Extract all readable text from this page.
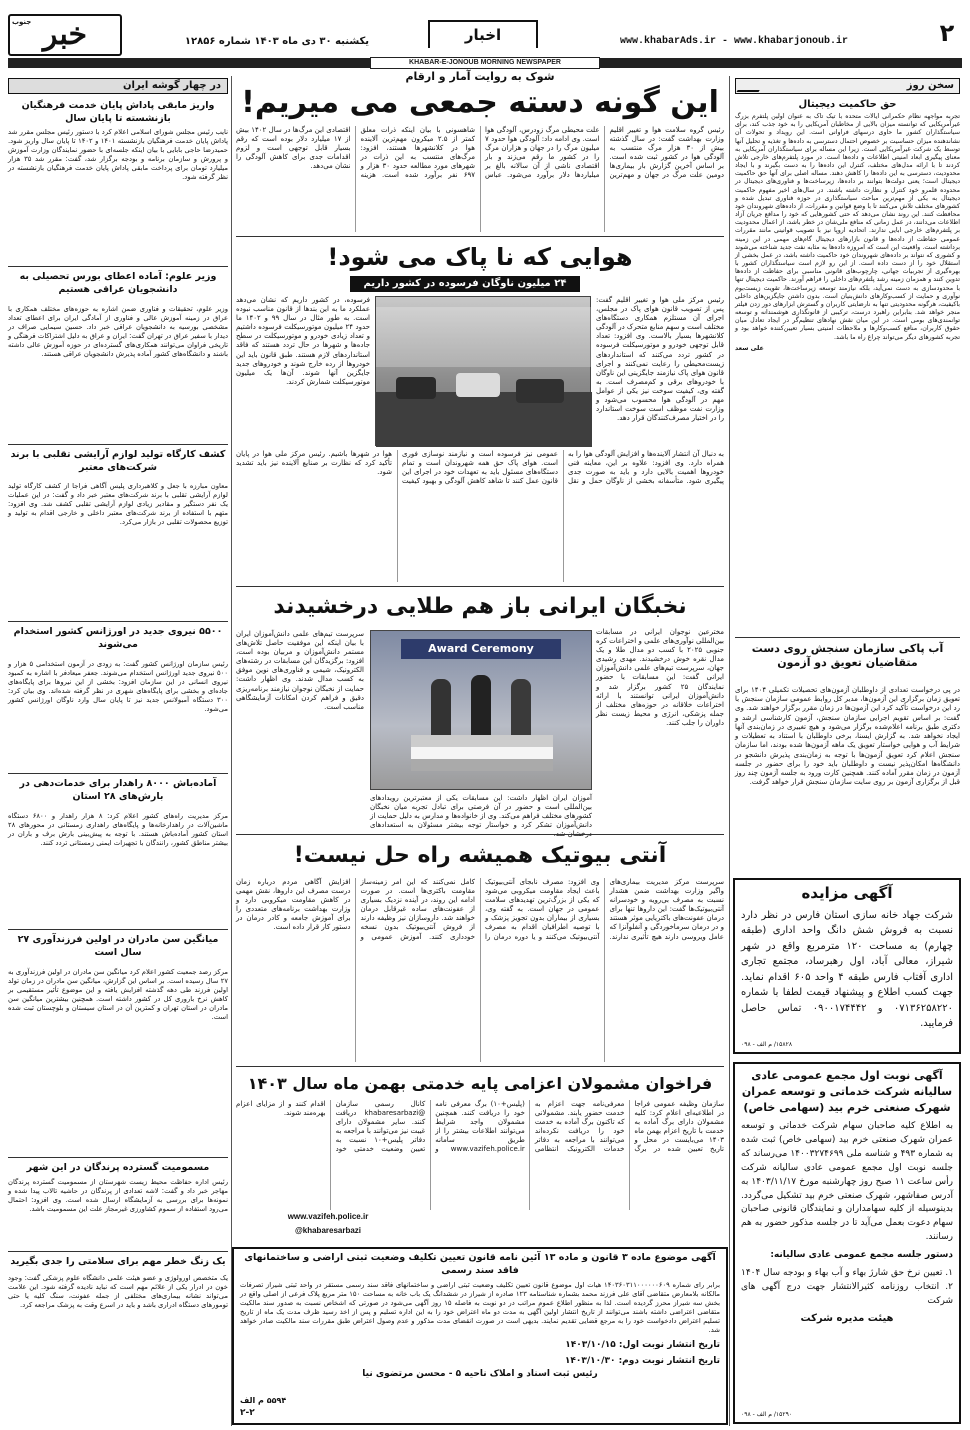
۲
www.khabarAds.ir - www.khabarjonoub.ir
اخبار
یکشنبه ۳۰ دی ماه ۱۴۰۳ شماره ۱۲۸۵۶
جنوب خبر
KHABAR-E-JONOUB MORNING NEWSPAPER
سخن روز
حق حاکمیت دیجیتال

تجربه مواجهه نظام حکمرانی ایالات متحده با تیک تاک به عنوان اولین پلتفرم بزرگ غیرآمریکایی که توانسته میزان بالایی از مخاطبان آمریکایی را به خود جذب کند، برای سیاستگذاران کشور ما حاوی درسهای فراوانی است. این رویداد و تحولات آن نشاندهنده میزان حساسیت بر خصوص احتمال دسترسی به داده‌ها و تغذیه و تحلیل آنها توسط یک شرکت غیرآمریکایی است. زیرا این مساله برای سیاستگذاران آمریکایی به معنای پیگیری ابعاد امنیتی اطلاعات و داده‌ها است. در مورد پلتفرم‌های خارجی تلاش کردند تا با ارائه مدل‌های مختلف، کنترل این داده‌ها را به دست بگیرند و با ایجاد محدودیت، دسترسی به این داده‌ها را کاهش دهند. مساله اصلی برای آنها حق حاکمیت دیجیتال است؛ یعنی دولت‌ها بتوانند بر داده‌ها، زیرساخت‌ها و فناوری‌های دیجیتال در محدوده قلمرو خود کنترل و نظارت داشته باشند. در سال‌های اخیر مفهوم حاکمیت دیجیتال به یکی از مهم‌ترین مباحث سیاستگذاری در حوزه فناوری تبدیل شده و کشورهای مختلف تلاش می‌کنند تا با وضع قوانین و مقررات، از داده‌های شهروندان خود محافظت کنند. این روند نشان می‌دهد که حتی کشورهایی که خود را مدافع جریان آزاد اطلاعات می‌دانند، در عمل زمانی که منافع ملی‌شان در خطر باشد، از اعمال محدودیت بر پلتفرم‌های خارجی ابایی ندارند. اتحادیه اروپا نیز با تصویب قوانینی مانند مقررات عمومی حفاظت از داده‌ها و قانون بازارهای دیجیتال گام‌های مهمی در این زمینه برداشته است. واقعیت این است که امروزه داده‌ها به مثابه نفت جدید شناخته می‌شوند و کشوری که نتواند بر داده‌های شهروندان خود حاکمیت داشته باشد، در عمل بخشی از استقلال خود را از دست داده است. از این رو لازم است سیاستگذاران کشور با بهره‌گیری از تجربیات جهانی، چارچوب‌های قانونی مناسبی برای حفاظت از داده‌ها تدوین کنند و همزمان زمینه رشد پلتفرم‌های داخلی را فراهم آورند. حاکمیت دیجیتال تنها با محدودسازی به دست نمی‌آید، بلکه نیازمند توسعه زیرساخت‌ها، تقویت زیست‌بوم نوآوری و حمایت از کسب‌وکارهای دانش‌بنیان است. بدون داشتن جایگزین‌های داخلی باکیفیت، هرگونه محدودیتی تنها به نارضایتی کاربران و گسترش ابزارهای دور زدن فیلتر منجر خواهد شد. بنابراین راهبرد درست، ترکیبی از قانونگذاری هوشمندانه و توسعه توانمندی‌های بومی است. در این میان نقش نهادهای تنظیم‌گر در ایجاد تعادل میان حقوق کاربران، منافع کسب‌وکارها و ملاحظات امنیتی بسیار تعیین‌کننده خواهد بود و تجربه کشورهای دیگر می‌تواند چراغ راه ما باشد.

علی سعد

آب پاکی سازمان سنجش روی دست متقاضیان تعویق دو آزمون
در پی درخواست تعدادی از داوطلبان آزمون‌های تحصیلات تکمیلی ۱۴۰۴ برای تعویق زمان برگزاری این آزمون‌ها، مدیر کل روابط عمومی سازمان سنجش با رد این درخواست تأکید کرد این آزمون‌ها در زمان مقرر برگزار خواهند شد. وی گفت: بر اساس تقویم اجرایی سازمان سنجش، آزمون کارشناسی ارشد و دکتری طبق برنامه اعلام‌شده برگزار می‌شود و هیچ تغییری در زمان‌بندی آنها ایجاد نخواهد شد. به گزارش ایسنا، برخی داوطلبان با استناد به تعطیلات و شرایط آب و هوایی خواستار تعویق یک ماهه آزمون‌ها شده بودند، اما سازمان سنجش اعلام کرد تعویق آزمون‌ها با توجه به زمان‌بندی پذیرش دانشجو در دانشگاه‌ها امکان‌پذیر نیست و داوطلبان باید خود را برای حضور در جلسه آزمون در زمان مقرر آماده کنند. همچنین کارت ورود به جلسه آزمون چند روز قبل از برگزاری آزمون بر روی سایت سازمان سنجش قرار خواهد گرفت.
آگهی مزایده
شرکت جهاد خانه سازی استان فارس در نظر دارد نسبت به فروش شش دانگ واحد اداری (طبقه چهارم) به مساحت ۱۲۰ مترمربع واقع در شهر شیراز، معالی آباد، اول رهبرساد، مجتمع تجاری اداری آفتاب فارس طبقه ۴ واحد ۶۰۵ اقدام نماید. جهت کسب اطلاع و پیشنهاد قیمت لطفا با شماره ۰۷۱۳۶۲۵۸۲۲۰ و ۰۹۰۰۱۷۴۴۴۲ تماس حاصل فرمایید.
۱۵۸۲۸/ م الف - ۰۹۸
آگهی نوبت اول مجمع عمومی عادی سالیانه شرکت خدماتی و توسعه عمران شهرک صنعتی خرم بید (سهامی خاص)
به اطلاع کلیه صاحبان سهام شرکت خدماتی و توسعه عمران شهرک صنعتی خرم بید (سهامی خاص) ثبت شده به شماره ۴۹۳ و شناسه ملی ۱۴۰۰۳۲۷۴۶۹۹ می‌رساند که جلسه نوبت اول مجمع عمومی عادی سالیانه شرکت رأس ساعت ۱۱ صبح روز چهارشنبه مورخ ۱۴۰۳/۱۱/۱۷ به آدرس صفاشهر، شهرک صنعتی خرم بید تشکیل می‌گردد. بدینوسیله از کلیه سهامداران و نمایندگان قانونی صاحبان سهام دعوت بعمل می‌آید تا در جلسه مذکور حضور به هم رسانند.
دستور جلسه مجمع عمومی عادی سالیانه:
۱. تعیین نرخ حق شارژ بهاء و آب بهاء و بودجه سال ۱۴۰۴ ۲. انتخاب روزنامه کثیرالانتشار جهت درج آگهی های شرکت
هیئت مدیره شرکت
۱۵۲۹۰/ م الف - ۰۹۸
در چهار گوشه ایران
واریز مابقی پاداش پایان خدمت فرهنگیان بازنشسته تا پایان سال
نایب رئیس مجلس شورای اسلامی اعلام کرد با دستور رئیس مجلس مقرر شد پاداش پایان خدمت فرهنگیان بازنشسته ۱۴۰۱ و ۱۴۰۲ تا پایان سال واریز شود. حمیدرضا حاجی بابایی با بیان اینکه جلسه‌ای با حضور نمایندگان وزارت آموزش و پرورش و سازمان برنامه و بودجه برگزار شد، گفت: مقرر شد ۳۵ هزار میلیارد تومان برای پرداخت مابقی پاداش پایان خدمت فرهنگیان بازنشسته در نظر گرفته شود.
وزیر علوم: آماده اعطای بورس تحصیلی به دانشجویان عراقی هستیم
وزیر علوم، تحقیقات و فناوری ضمن اشاره به حوزه‌های مختلف همکاری با عراق در زمینه آموزش عالی و فناوری از آمادگی ایران برای اعطای تعداد مشخصی بورسیه به دانشجویان عراقی خبر داد. حسین سیمایی صراف در دیدار با سفیر عراق در تهران گفت: ایران و عراق به دلیل اشتراکات فرهنگی و تاریخی فراوان می‌توانند همکاری‌های گسترده‌ای در حوزه آموزش عالی داشته باشند و دانشگاه‌های کشور آماده پذیرش دانشجویان عراقی هستند.
کشف کارگاه تولید لوازم آرایشی تقلبی با برند شرکت‌های معتبر
معاون مبارزه با جعل و کلاهبرداری پلیس آگاهی فراجا از کشف کارگاه تولید لوازم آرایشی تقلبی با برند شرکت‌های معتبر خبر داد و گفت: در این عملیات یک نفر دستگیر و مقادیر زیادی لوازم آرایشی تقلبی کشف شد. وی افزود: متهم با استفاده از برند شرکت‌های معتبر داخلی و خارجی اقدام به تولید و توزیع محصولات تقلبی در بازار می‌کرد.
۵۵۰۰ نیروی جدید در اورژانس کشور استخدام می‌شوند
رئیس سازمان اورژانس کشور گفت: به زودی در آزمون استخدامی ۵ هزار و ۵۰۰ نیروی جدید اورژانس استخدام می‌شوند. جعفر میعادفر با اشاره به کمبود نیروی انسانی در این سازمان افزود: بخشی از این نیروها برای پایگاه‌های جاده‌ای و بخشی برای پایگاه‌های شهری در نظر گرفته شده‌اند. وی بیان کرد: ۳۰۰ دستگاه آمبولانس جدید نیز تا پایان سال وارد ناوگان اورژانس کشور می‌شود.
آماده‌باش ۸۰۰۰ راهدار برای خدمات‌دهی در بارش‌های ۲۸ استان
مرکز مدیریت راه‌های کشور اعلام کرد: ۸ هزار راهدار و ۶۸۰۰ دستگاه ماشین‌آلات در راهدارخانه‌ها و پایگاه‌های راهداری زمستانی در محورهای ۲۸ استان کشور آماده‌باش هستند. با توجه به پیش‌بینی بارش برف و باران در بیشتر مناطق کشور، رانندگان با تجهیزات ایمنی زمستانی تردد کنند.
میانگین سن مادران در اولین فرزندآوری ۲۷ سال است
مرکز رصد جمعیت کشور اعلام کرد میانگین سن مادران در اولین فرزندآوری به ۲۷ سال رسیده است. بر اساس این گزارش، میانگین سن مادران در زمان تولد اولین فرزند طی دهه گذشته افزایش یافته و این موضوع تأثیر مستقیمی بر کاهش نرخ باروری کل در کشور داشته است. همچنین بیشترین میانگین سن مادران در استان تهران و کمترین آن در استان سیستان و بلوچستان ثبت شده است.
مسمومیت گسترده پرندگان در این شهر
رئیس اداره حفاظت محیط زیست شهرستان از مسمومیت گسترده پرندگان مهاجر خبر داد و گفت: لاشه تعدادی از پرندگان در حاشیه تالاب پیدا شده و نمونه‌ها برای بررسی به آزمایشگاه ارسال شده است. وی افزود: احتمال می‌رود استفاده از سموم کشاورزی غیرمجاز علت این مسمومیت باشد.
یک زنگ خطر مهم برای سلامتی را جدی بگیرید
یک متخصص اورولوژی و عضو هیئت علمی دانشگاه علوم پزشکی گفت: وجود خون در ادرار یکی از علائم مهم است که نباید نادیده گرفته شود. این علامت می‌تواند نشانه بیماری‌های مختلفی از جمله عفونت، سنگ کلیه یا حتی تومورهای دستگاه ادراری باشد و باید در اسرع وقت به پزشک مراجعه کرد.
شوک به روایت آمار و ارقام
این گونه دسته جمعی می میریم!
رئیس گروه سلامت هوا و تغییر اقلیم وزارت بهداشت گفت: در سال گذشته بیش از ۳۰ هزار مرگ منتسب به آلودگی هوا در کشور ثبت شده است. بر اساس آخرین گزارش بار بیماری‌ها دومین علت مرگ در جهان و مهم‌ترین علت محیطی مرگ زودرس، آلودگی هوا است. وی ادامه داد: آلودگی هوا حدود ۷ میلیون مرگ را در جهان و هزاران مرگ را در کشور ما رقم می‌زند و بار اقتصادی ناشی از آن سالانه بالغ بر میلیاردها دلار برآورد می‌شود. عباس شاهسونی با بیان اینکه ذرات معلق کمتر از ۲.۵ میکرون مهم‌ترین آلاینده هوا در کلانشهرها هستند، افزود: مرگ‌های منتسب به این ذرات در شهرهای مورد مطالعه حدود ۳۰ هزار و ۶۹۷ نفر برآورد شده است. هزینه اقتصادی این مرگ‌ها در سال ۱۴۰۲ بیش از ۱۷ میلیارد دلار بوده است که رقم بسیار قابل توجهی است و لزوم اقدامات جدی برای کاهش آلودگی را نشان می‌دهد.
هوایی که نا پاک می شود!
۲۴ میلیون ناوگان فرسوده در کشور داریم
رئیس مرکز ملی هوا و تغییر اقلیم گفت: پس از تصویب قانون هوای پاک در مجلس، اجرای آن مستلزم همکاری دستگاه‌های مختلف است و سهم منابع متحرک در آلودگی کلانشهرها بسیار بالاست. وی افزود: تعداد قابل توجهی خودرو و موتورسیکلت فرسوده در کشور تردد می‌کنند که استانداردهای زیست‌محیطی را رعایت نمی‌کنند و اجرای قانون هوای پاک نیازمند جایگزینی این ناوگان با خودروهای برقی و کم‌مصرف است. به گفته وی، کیفیت سوخت نیز یکی از عوامل مهم در آلودگی هوا محسوب می‌شود و وزارت نفت موظف است سوخت استاندارد را در اختیار مصرف‌کنندگان قرار دهد.
فرسوده، در کشور داریم که نشان می‌دهد عملکرد ما به این بندها از قانون مناسب نبوده است. به طور مثال در سال ۹۹ و ۱۴۰۲ ما حدود ۲۴ میلیون موتورسیکلت فرسوده داشتیم و تعداد زیادی خودرو و موتورسیکلت در سطح جاده‌ها و شهرها در حال تردد هستند که فاقد استانداردهای لازم هستند. طبق قانون باید این خودروها از رده خارج شوند و خودروهای جدید جایگزین آنها شوند. آن‌ها یک میلیون موتورسیکلت شمارش کردند.
به دنبال آن انتشار آلاینده‌ها و افزایش آلودگی هوا را به همراه دارد. وی افزود: علاوه بر این، معاینه فنی خودروها اهمیت بالایی دارد و باید به صورت جدی پیگیری شود. متأسفانه بخشی از ناوگان حمل و نقل عمومی نیز فرسوده است و نیازمند نوسازی فوری است. هوای پاک حق همه شهروندان است و تمام دستگاه‌های مسئول باید به تعهدات خود در اجرای این قانون عمل کنند تا شاهد کاهش آلودگی و بهبود کیفیت هوا در شهرها باشیم. رئیس مرکز ملی هوا در پایان تأکید کرد که نظارت بر صنایع آلاینده نیز باید تشدید شود.
نخبگان ایرانی باز هم طلایی درخشیدند
مخترعین نوجوان ایرانی در مسابقات بین‌المللی نوآوری‌های علمی و اختراعات کره جنوبی ۲۰۲۵ با کسب دو مدال طلا و یک مدال نقره خوش درخشیدند. مهدی رشیدی جهان، سرپرست تیم‌های علمی دانش‌آموزان ایرانی گفت: این مسابقات با حضور نمایندگان ۲۵ کشور برگزار شد و دانش‌آموزان ایرانی توانستند با ارائه اختراعات خلاقانه در حوزه‌های مختلف از جمله پزشکی، انرژی و محیط زیست نظر داوران را جلب کنند.
Award Ceremony
سرپرست تیم‌های علمی دانش‌آموزان ایران با بیان اینکه این موفقیت حاصل تلاش‌های مستمر دانش‌آموزان و مربیان بوده است، افزود: برگزیدگان این مسابقات در رشته‌های الکترونیک، شیمی و فناوری‌های نوین موفق به کسب مدال شدند. وی اظهار داشت: حمایت از نخبگان نوجوان نیازمند برنامه‌ریزی دقیق و فراهم کردن امکانات آزمایشگاهی مناسب است.
آموزان ایران اظهار داشت: این مسابقات یکی از معتبرترین رویدادهای بین‌المللی است و حضور در آن فرصتی برای تبادل تجربه میان نخبگان کشورهای مختلف فراهم می‌کند. وی از خانواده‌ها و مدارس به دلیل حمایت از دانش‌آموزان تشکر کرد و خواستار توجه بیشتر مسئولان به استعدادهای
آنتی بیوتیک همیشه راه حل نیست!
سرپرست مرکز مدیریت بیماری‌های واگیر وزارت بهداشت ضمن هشدار نسبت به مصرف بی‌رویه و خودسرانه آنتی‌بیوتیک‌ها گفت: این داروها تنها برای درمان عفونت‌های باکتریایی موثر هستند و در درمان سرماخوردگی و آنفلوآنزا که عامل ویروسی دارند هیچ تأثیری ندارند. وی افزود: مصرف نابجای آنتی‌بیوتیک باعث ایجاد مقاومت میکروبی می‌شود که یکی از بزرگ‌ترین تهدیدهای سلامت عمومی در جهان است. به گفته وی، بسیاری از بیماران بدون تجویز پزشک و با توصیه اطرافیان اقدام به مصرف آنتی‌بیوتیک می‌کنند و یا دوره درمان را کامل نمی‌کنند که این امر زمینه‌ساز مقاومت باکتری‌ها است. در صورت ادامه این روند، در آینده نزدیک بسیاری از عفونت‌های ساده غیرقابل درمان خواهند شد. داروسازان نیز وظیفه دارند از فروش آنتی‌بیوتیک بدون نسخه خودداری کنند. آموزش عمومی و افزایش آگاهی مردم درباره زمان درست مصرف این داروها، نقش مهمی در کاهش مقاومت میکروبی دارد و وزارت بهداشت برنامه‌های متعددی را برای آموزش جامعه و کادر درمان در دستور کار قرار داده است.
فراخوان مشمولان اعزامی پایه خدمتی بهمن ماه سال ۱۴۰۳
سازمان وظیفه عمومی فراجا در اطلاعیه‌ای اعلام کرد: کلیه مشمولان دارای برگ آماده به خدمت با تاریخ اعزام بهمن ماه ۱۴۰۳ می‌بایست در محل و تاریخ تعیین شده در برگ معرفی‌نامه جهت اعزام به خدمت حضور یابند. مشمولانی که تاکنون برگ آماده به خدمت خود را دریافت نکرده‌اند می‌توانند با مراجعه به دفاتر خدمات الکترونیک انتظامی (پلیس+۱۰) برگ معرفی نامه خود را دریافت کنند. همچنین مشمولان واجد شرایط می‌توانند اطلاعات بیشتر را از طریق سامانه www.vazifeh.police.ir و کانال رسمی سازمان @khabaresarbazi دریافت کنند. سایر مشمولان دارای غیبت نیز می‌توانند با مراجعه به دفاتر پلیس+۱۰ نسبت به تعیین وضعیت خدمتی خود اقدام کنند و از مزایای اعزام بهره‌مند شوند.
www.vazifeh.police.ir
@khabaresarbazi
آگهی موضوع ماده ۳ قانون و ماده ۱۳ آئین نامه قانون تعیین تکلیف وضعیت ثبتی اراضی و ساختمانهای فاقد سند رسمی
برابر رای شماره ۱۴۰۳۶۰۳۱۱۰۰۰۰۰۰۶۰۹ هیات اول موضوع قانون تعیین تکلیف وضعیت ثبتی اراضی و ساختمانهای فاقد سند رسمی مستقر در واحد ثبتی شیراز تصرفات مالکانه بلامعارض متقاضی آقای علی فرزند محمد بشماره شناسنامه ۱۲۳ صادره از شیراز در ششدانگ یک باب خانه به مساحت ۱۵۰ متر مربع پلاک فرعی از اصلی واقع در بخش سه شیراز محرز گردیده است. لذا به منظور اطلاع عموم مراتب در دو نوبت به فاصله ۱۵ روز آگهی می‌شود در صورتی که اشخاص نسبت به صدور سند مالکیت متقاضی اعتراضی داشته باشند می‌توانند از تاریخ انتشار اولین آگهی به مدت دو ماه اعتراض خود را به این اداره تسلیم و پس از اخذ رسید ظرف مدت یک ماه از تاریخ تسلیم اعتراض دادخواست خود را به مرجع قضایی تقدیم نمایند. بدیهی است در صورت انقضای مدت مذکور و عدم وصول اعتراض طبق مقررات سند مالکیت صادر خواهد شد.
تاریخ انتشار نوبت اول: ۱۴۰۳/۱۰/۱۵
تاریخ انتشار نوبت دوم: ۱۴۰۳/۱۰/۳۰
رئیس ثبت اسناد و املاک ناحیه ۵ - محسن مرتضوی نیا
۵۵۹۴ م الف
۲-۲
